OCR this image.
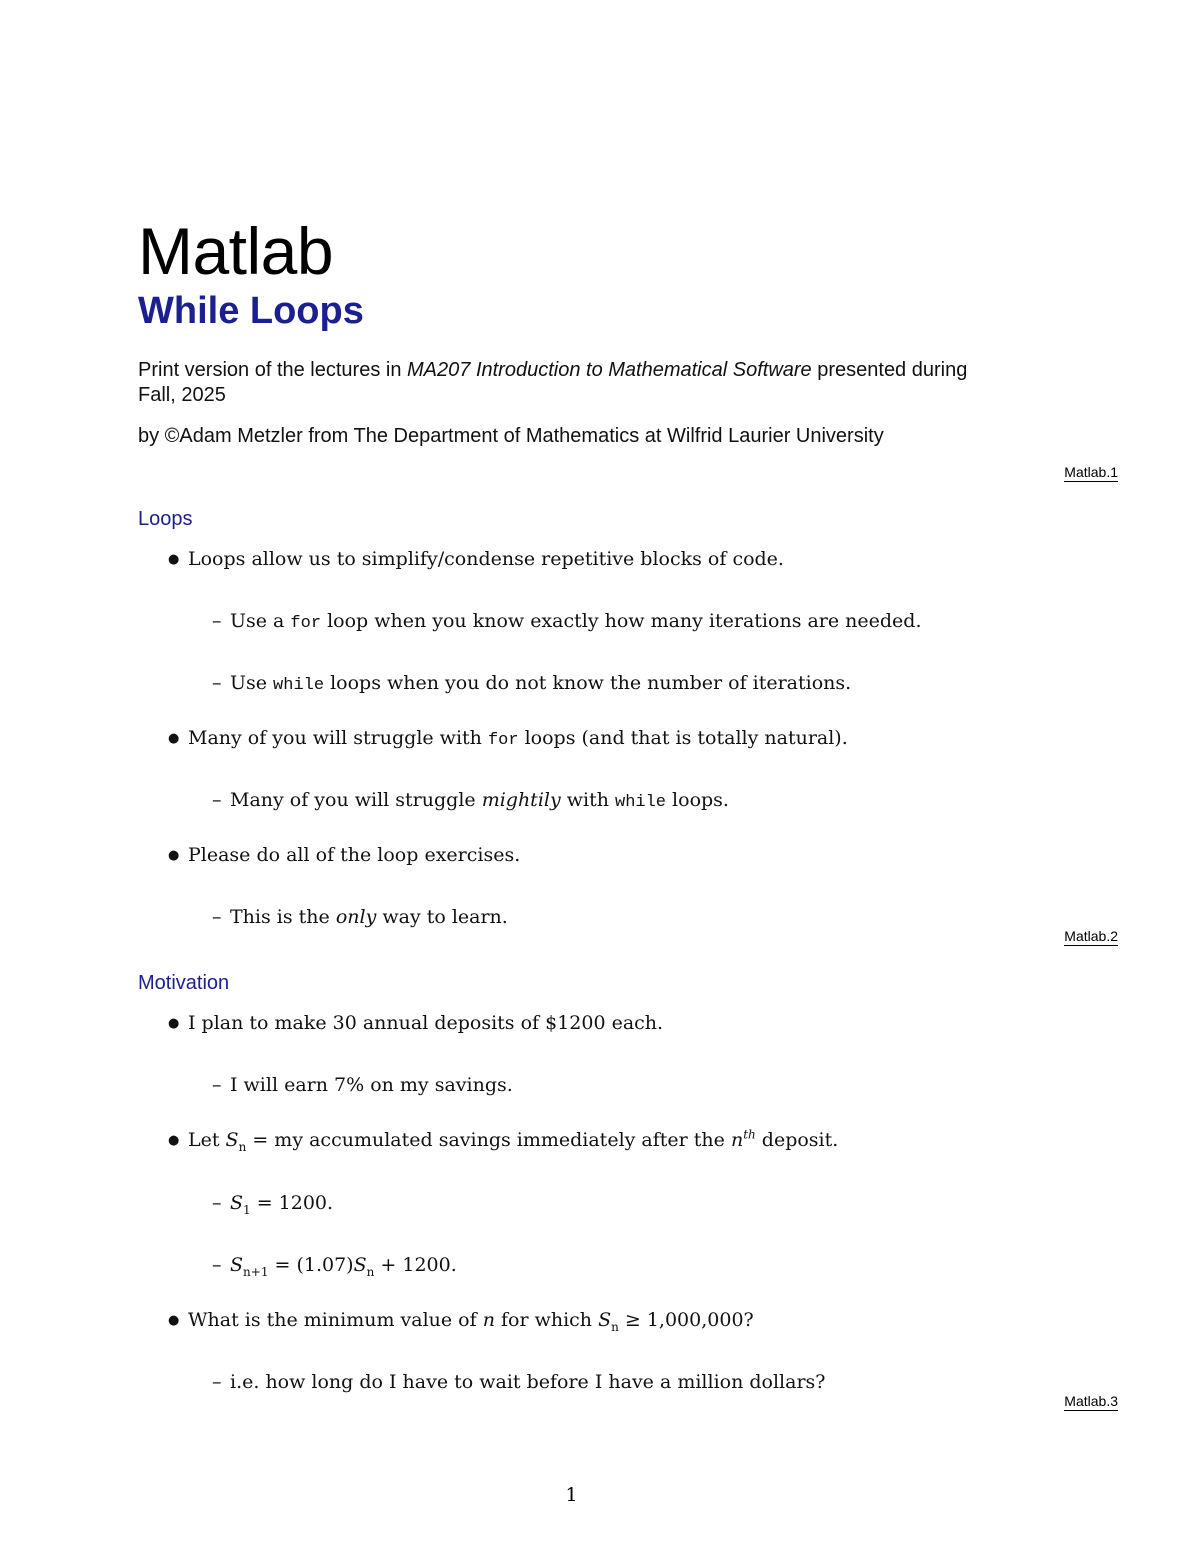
Matlab
While Loops

Print version of the lectures in MA207 Introduction to Mathematical Software presented during Fall, 2025

by ©Adam Metzler from The Department of Mathematics at Wilfrid Laurier University

Matlab.1
Loops
● Loops allow us to simplify/condense repetitive blocks of code.
– Use a for loop when you know exactly how many iterations are needed.
– Use while loops when you do not know the number of iterations.
● Many of you will struggle with for loops (and that is totally natural).
– Many of you will struggle mightily with while loops.
● Please do all of the loop exercises.
– This is the only way to learn.
Matlab.2
Motivation
● I plan to make 30 annual deposits of $1200 each.
– I will earn 7% on my savings.
● Let $S_n$ = my accumulated savings immediately after the $n^{th}$ deposit.
– $S_1 = 1200$.
– $S_{n+1} = (1.07)S_n + 1200$.
● What is the minimum value of n for which $S_n \ge 1,000,000$?
– i.e. how long do I have to wait before I have a million dollars?
Matlab.3
1
